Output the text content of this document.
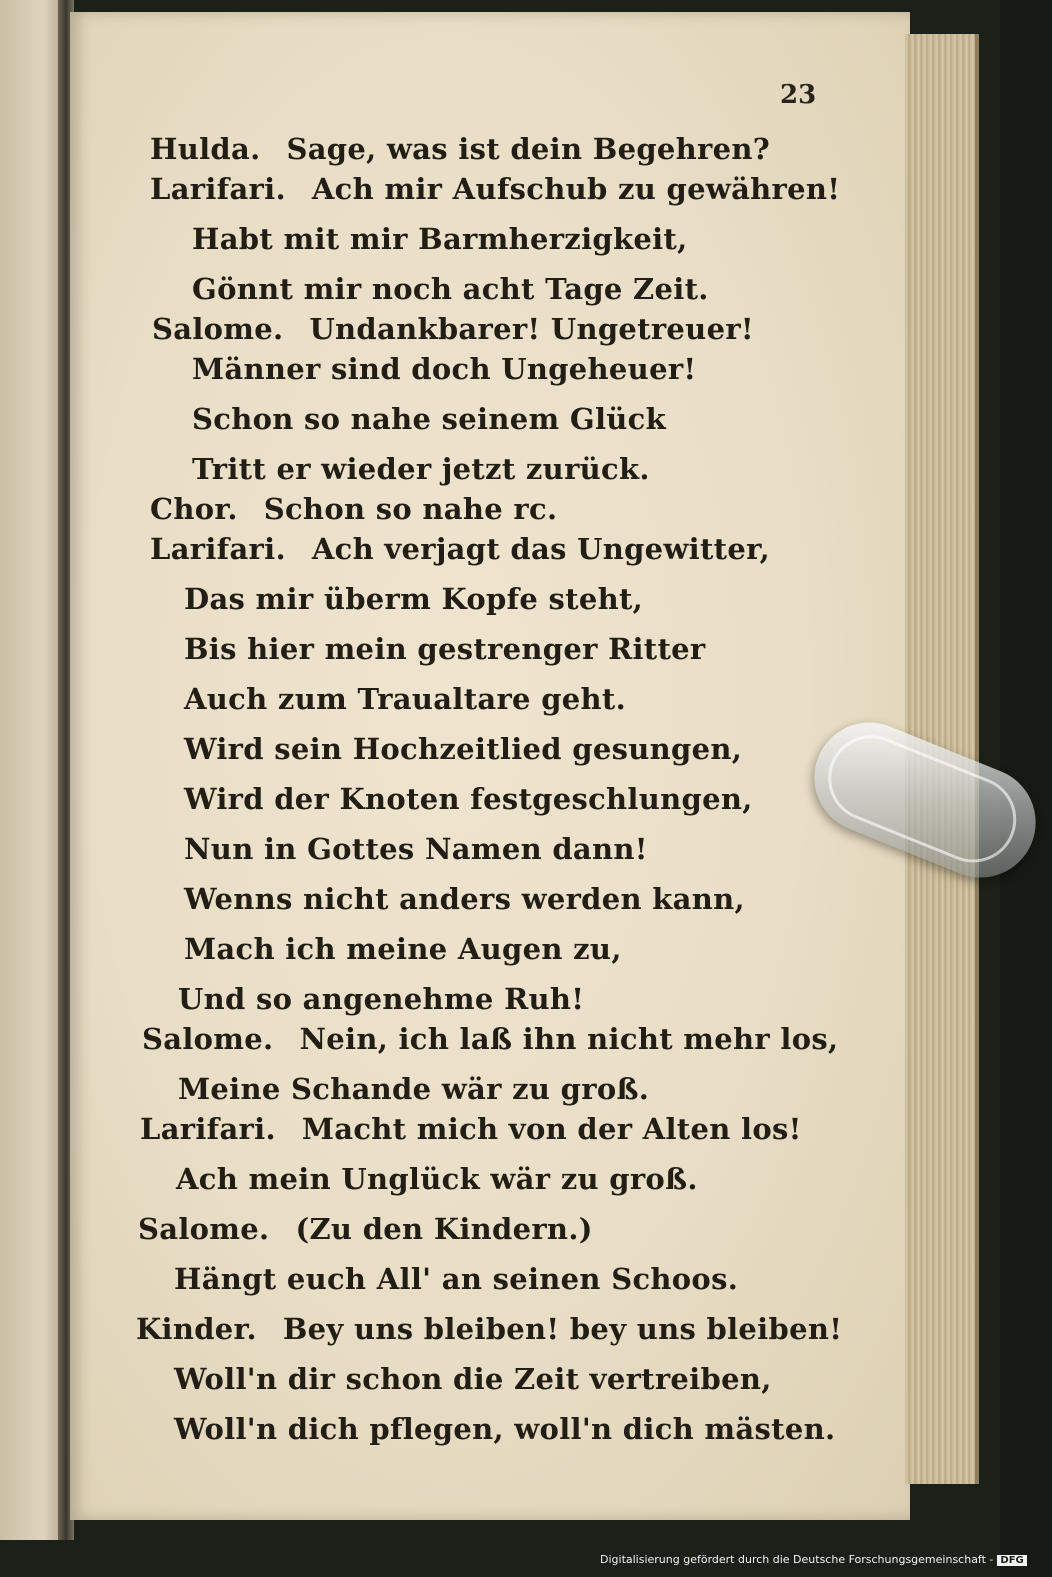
23
Hulda. Sage, was ist dein Begehren?
Larifari. Ach mir Aufschub zu gewähren!
Habt mit mir Barmherzigkeit,
Gönnt mir noch acht Tage Zeit.
Salome. Undankbarer! Ungetreuer!
Männer sind doch Ungeheuer!
Schon so nahe seinem Glück
Tritt er wieder jetzt zurück.
Chor. Schon so nahe rc.
Larifari. Ach verjagt das Ungewitter,
Das mir überm Kopfe steht,
Bis hier mein gestrenger Ritter
Auch zum Traualtare geht.
Wird sein Hochzeitlied gesungen,
Wird der Knoten festgeschlungen,
Nun in Gottes Namen dann!
Wenns nicht anders werden kann,
Mach ich meine Augen zu,
Und so angenehme Ruh!
Salome. Nein, ich laß ihn nicht mehr los,
Meine Schande wär zu groß.
Larifari. Macht mich von der Alten los!
Ach mein Unglück wär zu groß.
Salome. (Zu den Kindern.)
Hängt euch All' an seinen Schoos.
Kinder. Bey uns bleiben! bey uns bleiben!
Woll'n dir schon die Zeit vertreiben,
Woll'n dich pflegen, woll'n dich mästen.
Digitalisierung gefördert durch die Deutsche Forschungsgemeinschaft - DFG
